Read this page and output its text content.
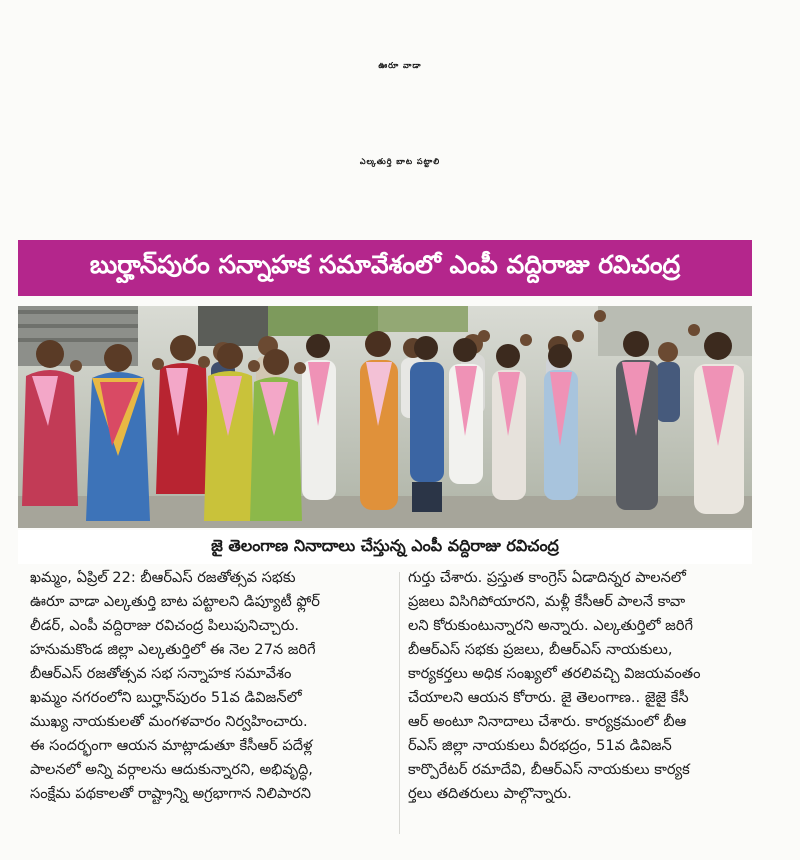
ఊరూ వాడా
ఎల్కతుర్తి బాట పట్టాలి
బుర్హాన్‌పురం సన్నాహక సమావేశంలో ఎంపీ వద్దిరాజు రవిచంద్ర
జై తెలంగాణ నినాదాలు చేస్తున్న ఎంపీ వద్దిరాజు రవిచంద్ర

ఖమ్మం, ఏప్రిల్ 22: బీఆర్ఎస్ రజతోత్సవ సభకు

ఊరూ వాడా ఎల్కతుర్తి బాట పట్టాలని డిప్యూటీ ఫ్లోర్

లీడర్, ఎంపీ వద్దిరాజు రవిచంద్ర పిలుపునిచ్చారు.

హనుమకొండ జిల్లా ఎల్కతుర్తిలో ఈ నెల 27న జరిగే

బీఆర్ఎస్ రజతోత్సవ సభ సన్నాహక సమావేశం

ఖమ్మం నగరంలోని బుర్హాన్‌పురం 51వ డివిజన్‌లో

ముఖ్య నాయకులతో మంగళవారం నిర్వహించారు.

ఈ సందర్భంగా ఆయన మాట్లాడుతూ కేసీఆర్ పదేళ్ల

పాలనలో అన్ని వర్గాలను ఆదుకున్నారని, అభివృద్ధి,

సంక్షేమ పథకాలతో రాష్ట్రాన్ని అగ్రభాగాన నిలిపారని

గుర్తు చేశారు. ప్రస్తుత కాంగ్రెస్ ఏడాదిన్నర పాలనలో

ప్రజలు విసిగిపోయారని, మళ్లీ కేసీఆర్ పాలనే కావా

లని కోరుకుంటున్నారని అన్నారు. ఎల్కతుర్తిలో జరిగే

బీఆర్ఎస్ సభకు ప్రజలు, బీఆర్ఎస్ నాయకులు,

కార్యకర్తలు అధిక సంఖ్యలో తరలివచ్చి విజయవంతం

చేయాలని ఆయన కోరారు. జై తెలంగాణ.. జైజై కేసీ

ఆర్ అంటూ నినాదాలు చేశారు. కార్యక్రమంలో బీఆ

ర్ఎస్ జిల్లా నాయకులు వీరభద్రం, 51వ డివిజన్

కార్పొరేటర్ రమాదేవి, బీఆర్ఎస్ నాయకులు కార్యక

ర్తలు తదితరులు పాల్గొన్నారు.
